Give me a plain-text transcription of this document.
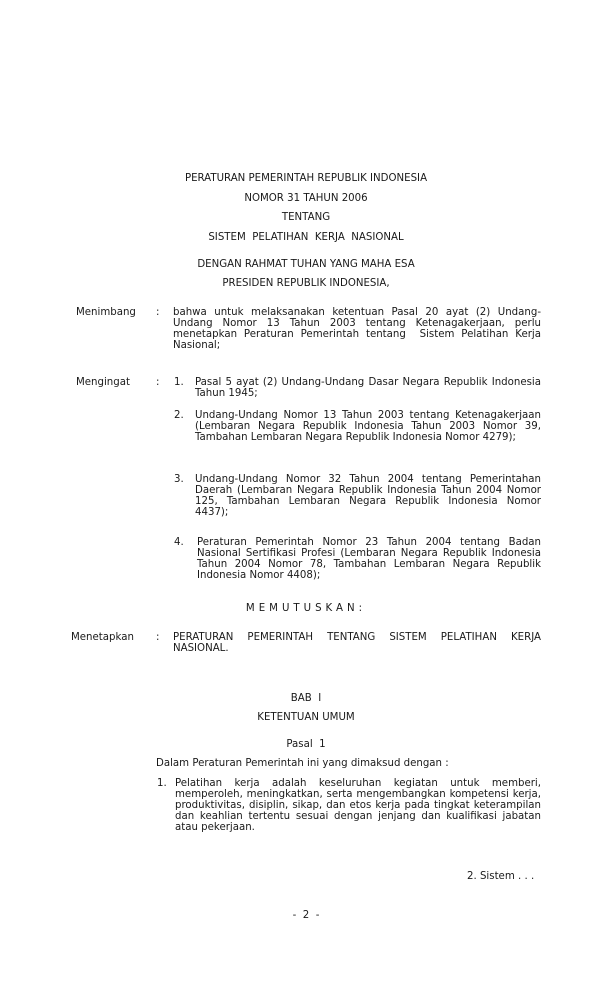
PERATURAN PEMERINTAH REPUBLIK INDONESIA
NOMOR 31 TAHUN 2006
TENTANG
SISTEM  PELATIHAN  KERJA  NASIONAL
DENGAN RAHMAT TUHAN YANG MAHA ESA
PRESIDEN REPUBLIK INDONESIA,
Menimbang : bahwa untuk melaksanakan ketentuan Pasal 20 ayat (2) Undang-Undang Nomor 13 Tahun 2003 tentang Ketenagakerjaan, perlu menetapkan Peraturan Pemerintah tentang  Sistem Pelatihan Kerja Nasional;
Mengingat	: 1. Pasal 5 ayat (2) Undang-Undang Dasar Negara Republik Indonesia Tahun 1945;
2. Undang-Undang Nomor 13 Tahun 2003 tentang Ketenagakerjaan (Lembaran Negara Republik Indonesia Tahun 2003 Nomor 39, Tambahan Lembaran Negara Republik Indonesia Nomor 4279);
3. Undang-Undang Nomor 32 Tahun 2004 tentang Pemerintahan Daerah (Lembaran Negara Republik Indonesia Tahun 2004 Nomor 125, Tambahan Lembaran Negara Republik Indonesia Nomor 4437);
4. Peraturan Pemerintah Nomor 23 Tahun 2004 tentang Badan Nasional Sertifikasi Profesi (Lembaran Negara Republik Indonesia Tahun 2004 Nomor 78, Tambahan Lembaran Negara Republik Indonesia Nomor 4408);
MEMUTUSKAN:
Menetapkan : PERATURAN PEMERINTAH TENTANG SISTEM PELATIHAN KERJA NASIONAL.
BAB  I
KETENTUAN UMUM
Pasal  1
Dalam Peraturan Pemerintah ini yang dimaksud dengan :
1. Pelatihan kerja adalah keseluruhan kegiatan untuk memberi, memperoleh, meningkatkan, serta mengembangkan kompetensi kerja, produktivitas, disiplin, sikap, dan etos kerja pada tingkat keterampilan dan keahlian tertentu sesuai dengan jenjang dan kualifikasi jabatan atau pekerjaan.
2. Sistem . . .
-  2  -
